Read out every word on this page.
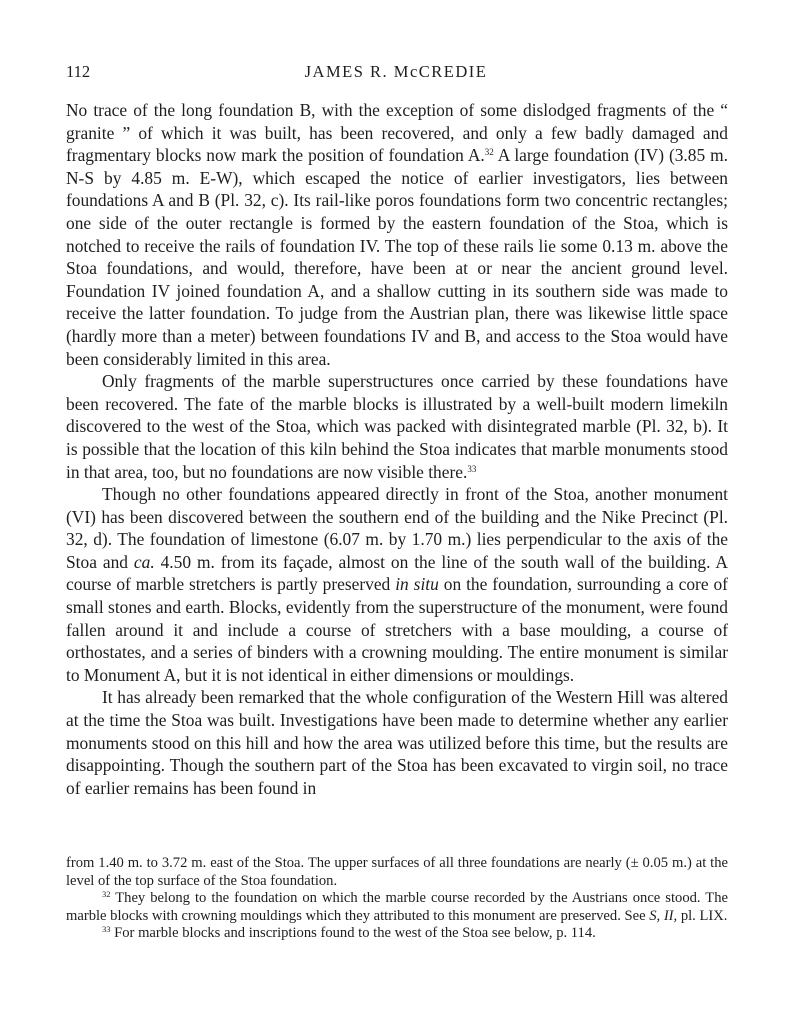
112	JAMES R. McCREDIE

No trace of the long foundation B, with the exception of some dislodged fragments of the “ granite ” of which it was built, has been recovered, and only a few badly damaged and fragmentary blocks now mark the position of foundation A.$^{32}$ A large foundation (IV) (3.85 m. N-S by 4.85 m. E-W), which escaped the notice of earlier investigators, lies between foundations A and B (Pl. 32, c). Its rail-like poros foundations form two concentric rectangles; one side of the outer rectangle is formed by the eastern foundation of the Stoa, which is notched to receive the rails of foundation IV. The top of these rails lie some 0.13 m. above the Stoa foundations, and would, therefore, have been at or near the ancient ground level. Foundation IV joined foundation A, and a shallow cutting in its southern side was made to receive the latter foundation. To judge from the Austrian plan, there was likewise little space (hardly more than a meter) between foundations IV and B, and access to the Stoa would have been considerably limited in this area.

Only fragments of the marble superstructures once carried by these foundations have been recovered. The fate of the marble blocks is illustrated by a well-built modern limekiln discovered to the west of the Stoa, which was packed with disintegrated marble (Pl. 32, b). It is possible that the location of this kiln behind the Stoa indicates that marble monuments stood in that area, too, but no foundations are now visible there.$^{33}$

Though no other foundations appeared directly in front of the Stoa, another monument (VI) has been discovered between the southern end of the building and the Nike Precinct (Pl. 32, d). The foundation of limestone (6.07 m. by 1.70 m.) lies perpendicular to the axis of the Stoa and ca. 4.50 m. from its façade, almost on the line of the south wall of the building. A course of marble stretchers is partly preserved in situ on the foundation, surrounding a core of small stones and earth. Blocks, evidently from the superstructure of the monument, were found fallen around it and include a course of stretchers with a base moulding, a course of orthostates, and a series of binders with a crowning moulding. The entire monument is similar to Monument A, but it is not identical in either dimensions or mouldings.

It has already been remarked that the whole configuration of the Western Hill was altered at the time the Stoa was built. Investigations have been made to determine whether any earlier monuments stood on this hill and how the area was utilized before this time, but the results are disappointing. Though the southern part of the Stoa has been excavated to virgin soil, no trace of earlier remains has been found in

from 1.40 m. to 3.72 m. east of the Stoa. The upper surfaces of all three foundations are nearly (± 0.05 m.) at the level of the top surface of the Stoa foundation.

$^{32}$ They belong to the foundation on which the marble course recorded by the Austrians once stood. The marble blocks with crowning mouldings which they attributed to this monument are preserved. See S, II, pl. LIX.

$^{33}$ For marble blocks and inscriptions found to the west of the Stoa see below, p. 114.
